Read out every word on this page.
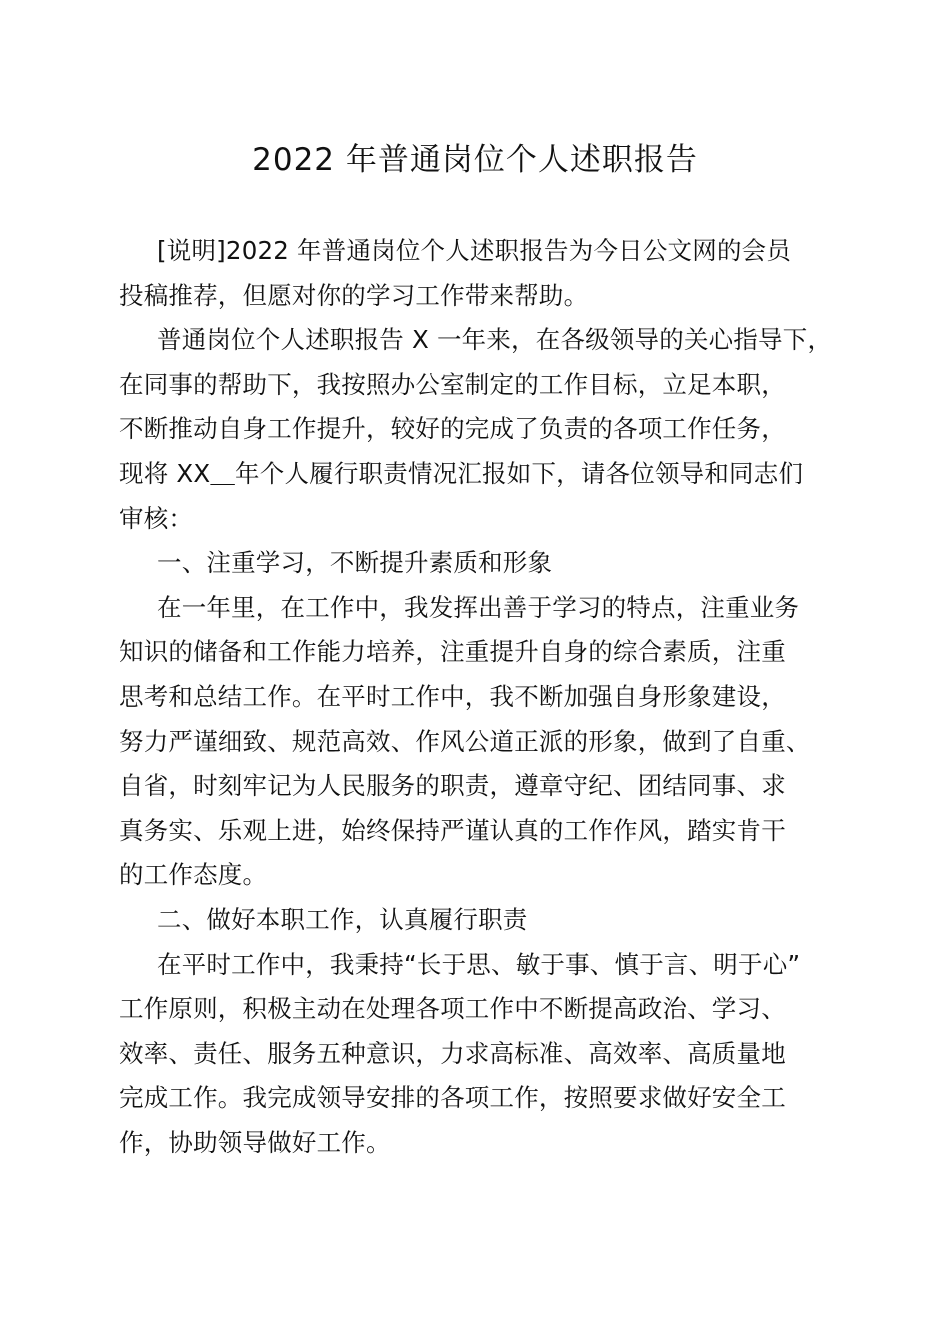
2022 年普通岗位个人述职报告
[说明]2022 年普通岗位个人述职报告为今日公文网的会员
投稿推荐，但愿对你的学习工作带来帮助。
普通岗位个人述职报告 X 一年来，在各级领导的关心指导下，
在同事的帮助下，我按照办公室制定的工作目标，立足本职，
不断推动自身工作提升，较好的完成了负责的各项工作任务，
现将 XX＿年个人履行职责情况汇报如下，请各位领导和同志们
审核：
一、注重学习，不断提升素质和形象
在一年里，在工作中，我发挥出善于学习的特点，注重业务
知识的储备和工作能力培养，注重提升自身的综合素质，注重
思考和总结工作。在平时工作中，我不断加强自身形象建设，
努力严谨细致、规范高效、作风公道正派的形象，做到了自重、
自省，时刻牢记为人民服务的职责，遵章守纪、团结同事、求
真务实、乐观上进，始终保持严谨认真的工作作风，踏实肯干
的工作态度。
二、做好本职工作，认真履行职责
在平时工作中，我秉持“长于思、敏于事、慎于言、明于心”
工作原则，积极主动在处理各项工作中不断提高政治、学习、
效率、责任、服务五种意识，力求高标准、高效率、高质量地
完成工作。我完成领导安排的各项工作，按照要求做好安全工
作，协助领导做好工作。
